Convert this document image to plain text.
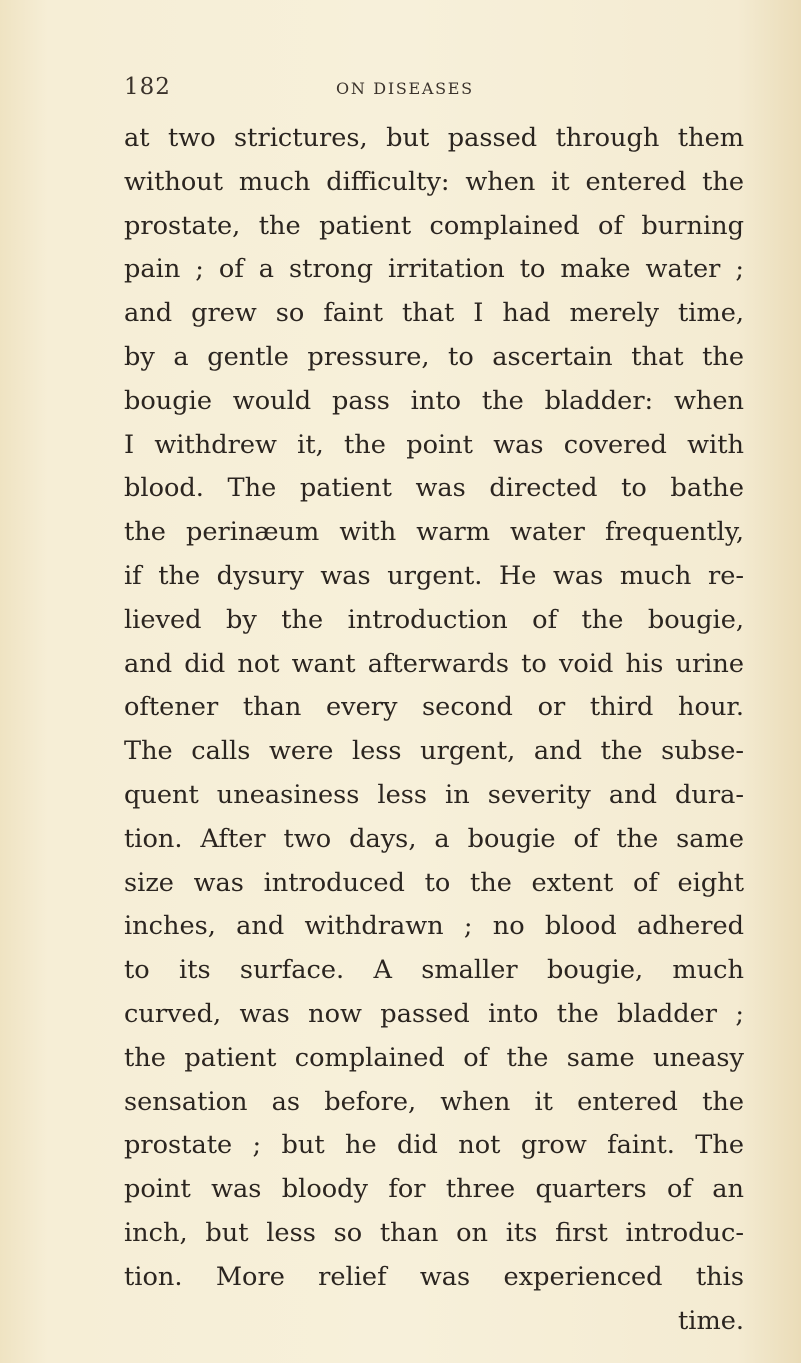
182	ON DISEASES
at two strictures, but passed through them
without much difficulty: when it entered the
prostate, the patient complained of burning
pain ; of a strong irritation to make water ;
and grew so faint that I had merely time,
by a gentle pressure, to ascertain that the
bougie would pass into the bladder: when
I withdrew it, the point was covered with
blood. The patient was directed to bathe
the perinæum with warm water frequently,
if the dysury was urgent. He was much re-
lieved by the introduction of the bougie,
and did not want afterwards to void his urine
oftener than every second or third hour.
The calls were less urgent, and the subse-
quent uneasiness less in severity and dura-
tion. After two days, a bougie of the same
size was introduced to the extent of eight
inches, and withdrawn ; no blood adhered
to its surface. A smaller bougie, much
curved, was now passed into the bladder ;
the patient complained of the same uneasy
sensation as before, when it entered the
prostate ; but he did not grow faint. The
point was bloody for three quarters of an
inch, but less so than on its first introduc-
tion. More relief was experienced this
time.
